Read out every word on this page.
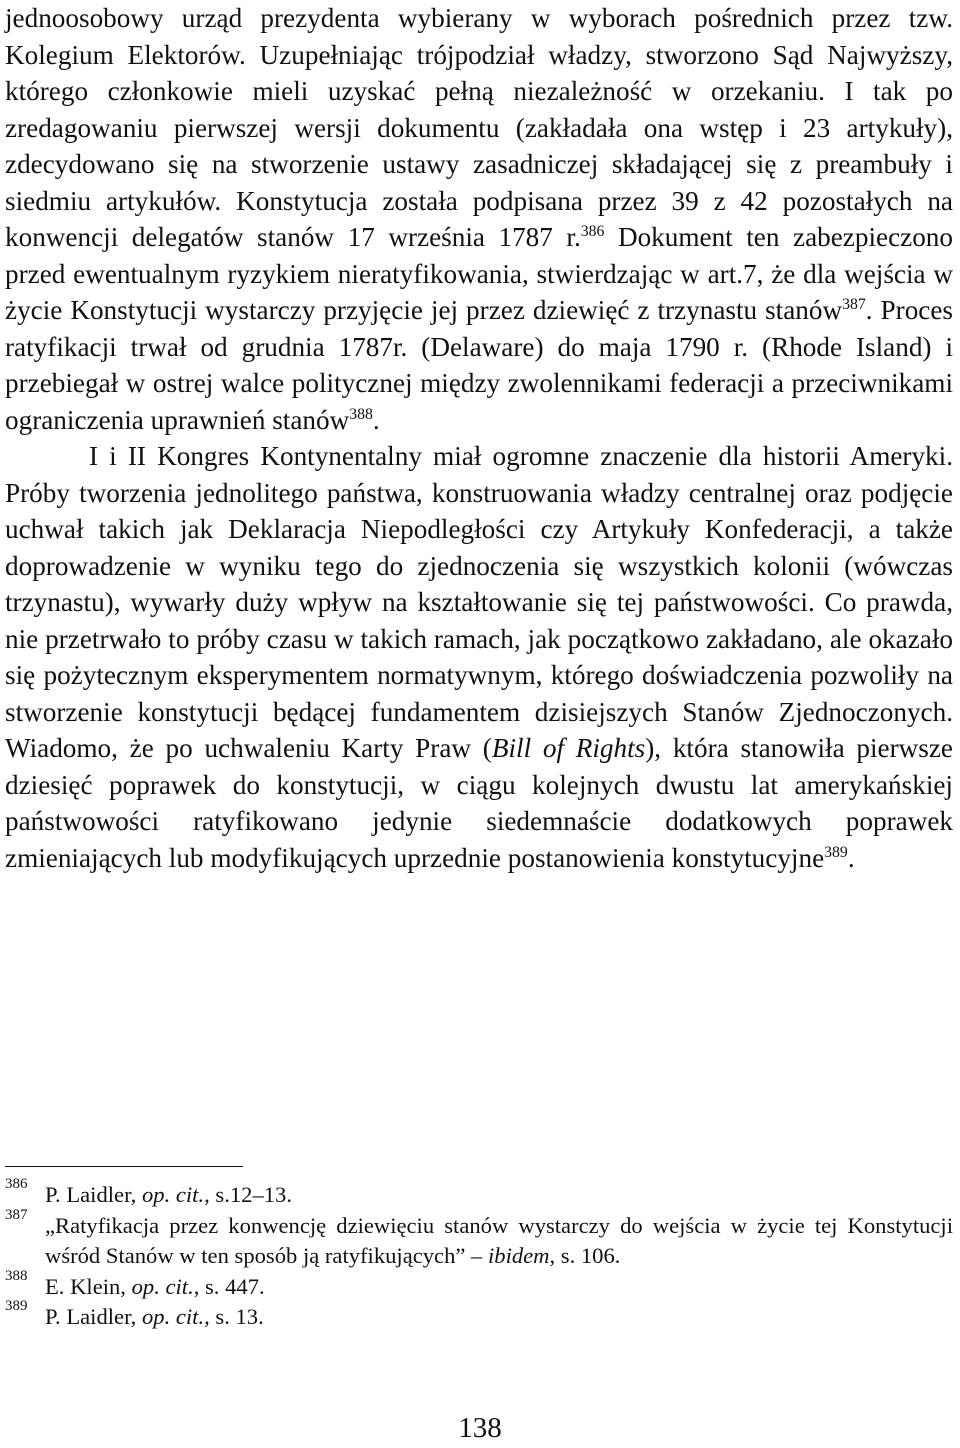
jednoosobowy urząd prezydenta wybierany w wyborach pośrednich przez tzw. Kolegium Elektorów. Uzupełniając trójpodział władzy, stworzono Sąd Najwyższy, którego członkowie mieli uzyskać pełną niezależność w orzekaniu. I tak po zredagowaniu pierwszej wersji dokumentu (zakładała ona wstęp i 23 artykuły), zdecydowano się na stworzenie ustawy zasadniczej składającej się z preambuły i siedmiu artykułów. Konstytucja została podpisana przez 39 z 42 pozostałych na konwencji delegatów stanów 17 września 1787 r.$^{386}$ Dokument ten zabezpieczono przed ewentualnym ryzykiem nieratyfikowania, stwierdzając w art.7, że dla wejścia w życie Konstytucji wystarczy przyjęcie jej przez dziewięć z trzynastu stanów$^{387}$. Proces ratyfikacji trwał od grudnia 1787r. (Delaware) do maja 1790 r. (Rhode Island) i przebiegał w ostrej walce politycznej między zwolennikami federacji a przeciwnikami ograniczenia uprawnień stanów$^{388}$.

I i II Kongres Kontynentalny miał ogromne znaczenie dla historii Ameryki. Próby tworzenia jednolitego państwa, konstruowania władzy centralnej oraz podjęcie uchwał takich jak Deklaracja Niepodległości czy Artykuły Konfederacji, a także doprowadzenie w wyniku tego do zjednoczenia się wszystkich kolonii (wówczas trzynastu), wywarły duży wpływ na kształtowanie się tej państwowości. Co prawda, nie przetrwało to próby czasu w takich ramach, jak początkowo zakładano, ale okazało się pożytecznym eksperymentem normatywnym, którego doświadczenia pozwoliły na stworzenie konstytucji będącej fundamentem dzisiejszych Stanów Zjednoczonych. Wiadomo, że po uchwaleniu Karty Praw (Bill of Rights), która stanowiła pierwsze dziesięć poprawek do konstytucji, w ciągu kolejnych dwustu lat amerykańskiej państwowości ratyfikowano jedynie siedemnaście dodatkowych poprawek zmieniających lub modyfikujących uprzednie postanowienia konstytucyjne$^{389}$.

386 P. Laidler, op. cit., s.12–13.
387 „Ratyfikacja przez konwencję dziewięciu stanów wystarczy do wejścia w życie tej Konstytucji wśród Stanów w ten sposób ją ratyfikujących” – ibidem, s. 106.
388 E. Klein, op. cit., s. 447.
389 P. Laidler, op. cit., s. 13.
138
